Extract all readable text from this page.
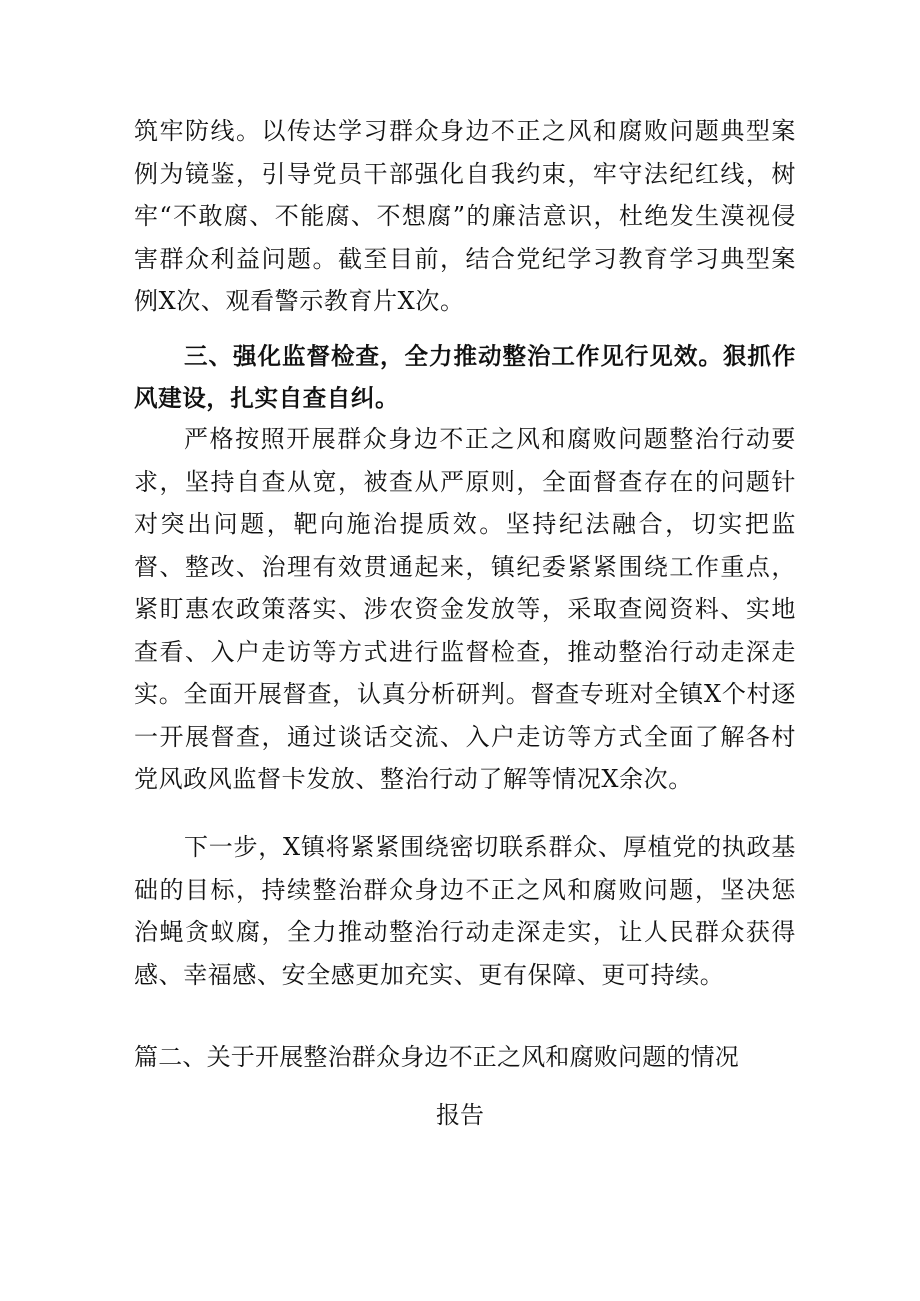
筑牢防线。以传达学习群众身边不正之风和腐败问题典型案例为镜鉴，引导党员干部强化自我约束，牢守法纪红线，树牢“不敢腐、不能腐、不想腐”的廉洁意识，杜绝发生漠视侵害群众利益问题。截至目前，结合党纪学习教育学习典型案例X次、观看警示教育片X次。
三、强化监督检查，全力推动整治工作见行见效。狠抓作风建设，扎实自查自纠。
严格按照开展群众身边不正之风和腐败问题整治行动要求，坚持自查从宽，被查从严原则，全面督查存在的问题针对突出问题，靶向施治提质效。坚持纪法融合，切实把监督、整改、治理有效贯通起来，镇纪委紧紧围绕工作重点，紧盯惠农政策落实、涉农资金发放等，采取查阅资料、实地查看、入户走访等方式进行监督检查，推动整治行动走深走实。全面开展督查，认真分析研判。督查专班对全镇X个村逐一开展督查，通过谈话交流、入户走访等方式全面了解各村党风政风监督卡发放、整治行动了解等情况X余次。
下一步，X镇将紧紧围绕密切联系群众、厚植党的执政基础的目标，持续整治群众身边不正之风和腐败问题，坚决惩治蝇贪蚁腐，全力推动整治行动走深走实，让人民群众获得感、幸福感、安全感更加充实、更有保障、更可持续。
篇二、关于开展整治群众身边不正之风和腐败问题的情况
报告
